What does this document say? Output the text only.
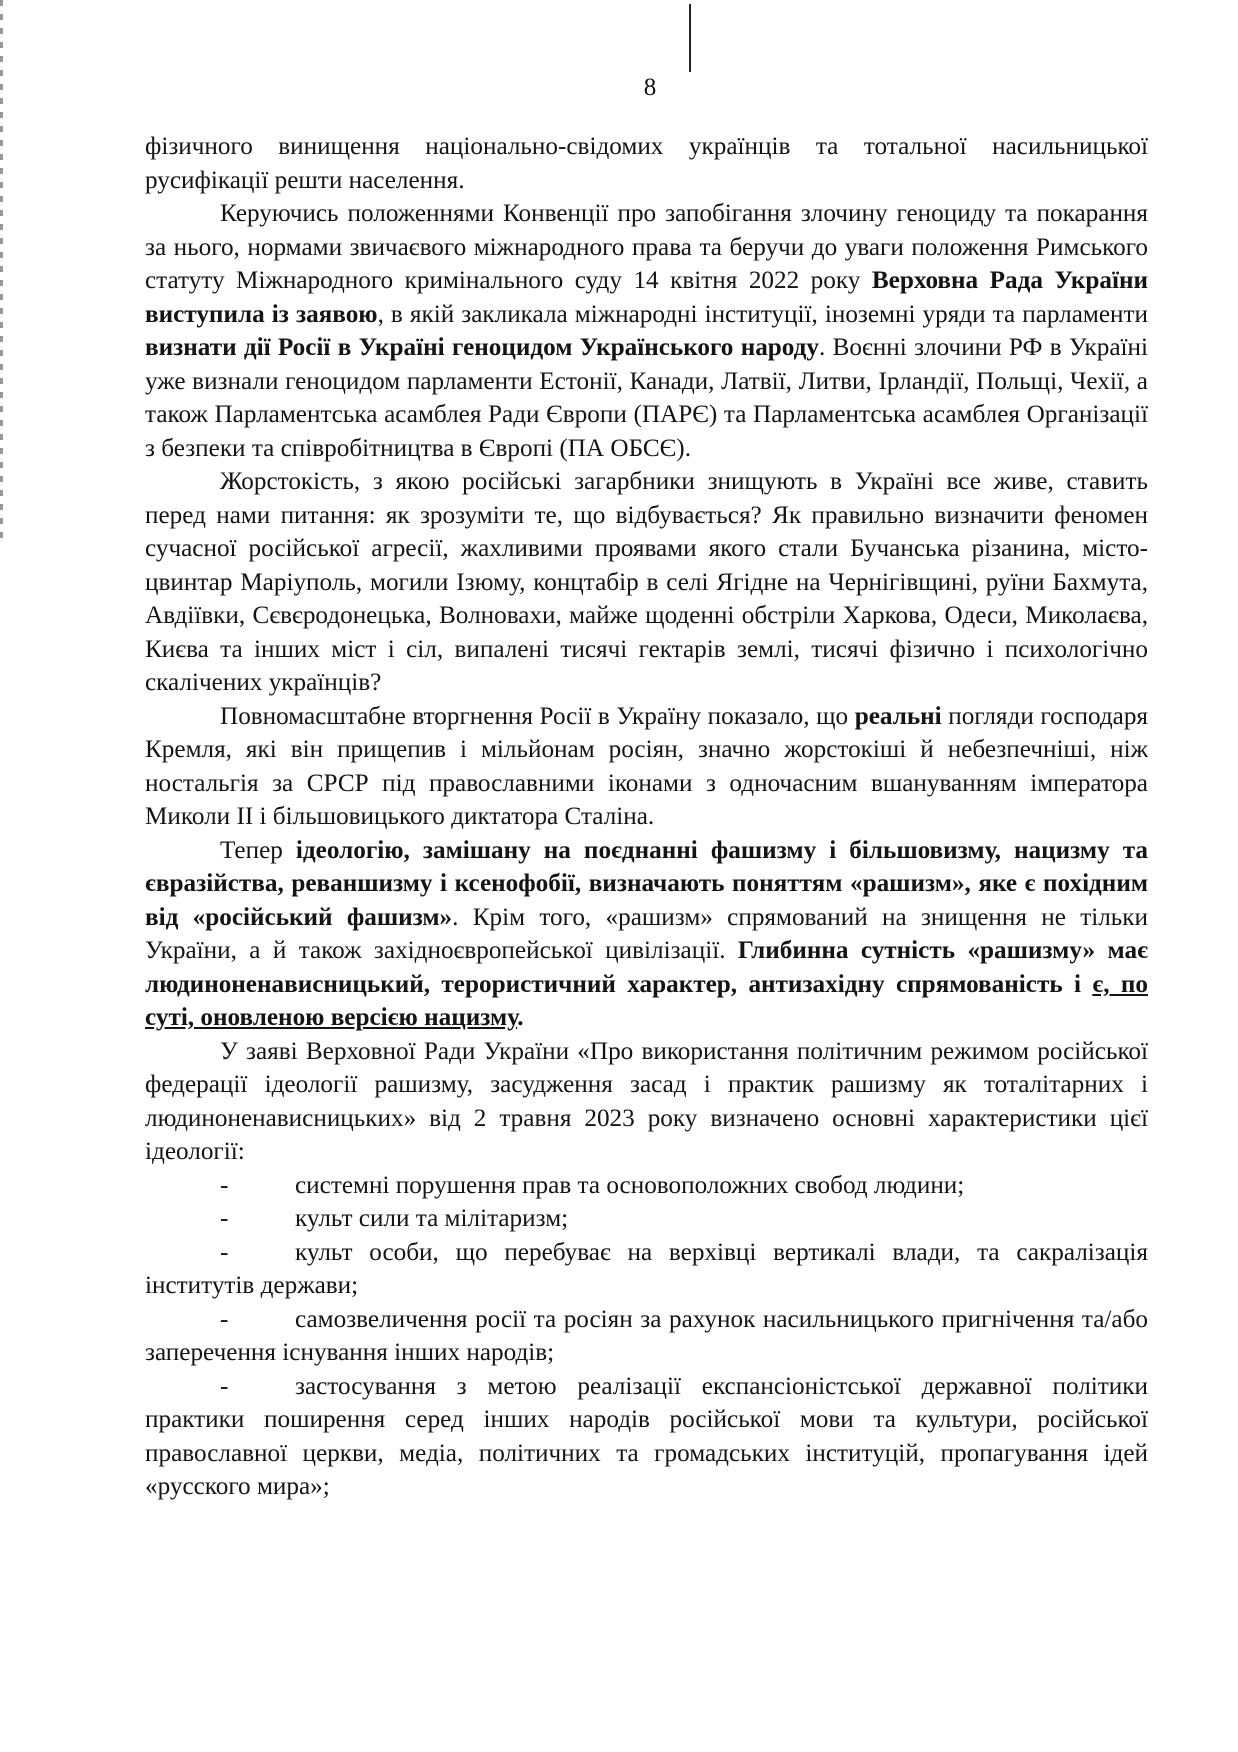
8

фізичного винищення національно-свідомих українців та тотальної насильницької русифікації решти населення.

Керуючись положеннями Конвенції про запобігання злочину геноциду та покарання за нього, нормами звичаєвого міжнародного права та беручи до уваги положення Римського статуту Міжнародного кримінального суду 14 квітня 2022 року Верховна Рада України виступила із заявою, в якій закликала міжнародні інституції, іноземні уряди та парламенти визнати дії Росії в Україні геноцидом Українського народу. Воєнні злочини РФ в Україні уже визнали геноцидом парламенти Естонії, Канади, Латвії, Литви, Ірландії, Польщі, Чехії, а також Парламентська асамблея Ради Європи (ПАРЄ) та Парламентська асамблея Організації з безпеки та співробітництва в Європі (ПА ОБСЄ).

Жорстокість, з якою російські загарбники знищують в Україні все живе, ставить перед нами питання: як зрозуміти те, що відбувається? Як правильно визначити феномен сучасної російської агресії, жахливими проявами якого стали Бучанська різанина, місто-цвинтар Маріуполь, могили Ізюму, концтабір в селі Ягідне на Чернігівщині, руїни Бахмута, Авдіївки, Сєвєродонецька, Волновахи, майже щоденні обстріли Харкова, Одеси, Миколаєва, Києва та інших міст і сіл, випалені тисячі гектарів землі, тисячі фізично і психологічно скалічених українців?

Повномасштабне вторгнення Росії в Україну показало, що реальні погляди господаря Кремля, які він прищепив і мільйонам росіян, значно жорстокіші й небезпечніші, ніж ностальгія за СРСР під православними іконами з одночасним вшануванням імператора Миколи ІІ і більшовицького диктатора Сталіна.

Тепер ідеологію, замішану на поєднанні фашизму і більшовизму, нацизму та євразійства, реваншизму і ксенофобії, визначають поняттям «рашизм», яке є похідним від «російський фашизм». Крім того, «рашизм» спрямований на знищення не тільки України, а й також західноєвропейської цивілізації. Глибинна сутність «рашизму» має людиноненависницький, терористичний характер, антизахідну спрямованість і є, по суті, оновленою версією нацизму.

У заяві Верховної Ради України «Про використання політичним режимом російської федерації ідеології рашизму, засудження засад і практик рашизму як тоталітарних і людиноненависницьких» від 2 травня 2023 року визначено основні характеристики цієї ідеології:

-	системні порушення прав та основоположних свобод людини;

-	культ сили та мілітаризм;

-	культ особи, що перебуває на верхівці вертикалі влади, та сакралізація інститутів держави;

-	самозвеличення росії та росіян за рахунок насильницького пригнічення та/або заперечення існування інших народів;

-	застосування з метою реалізації експансіоністської державної політики практики поширення серед інших народів російської мови та культури, російської православної церкви, медіа, політичних та громадських інституцій, пропагування ідей «русского мира»;
